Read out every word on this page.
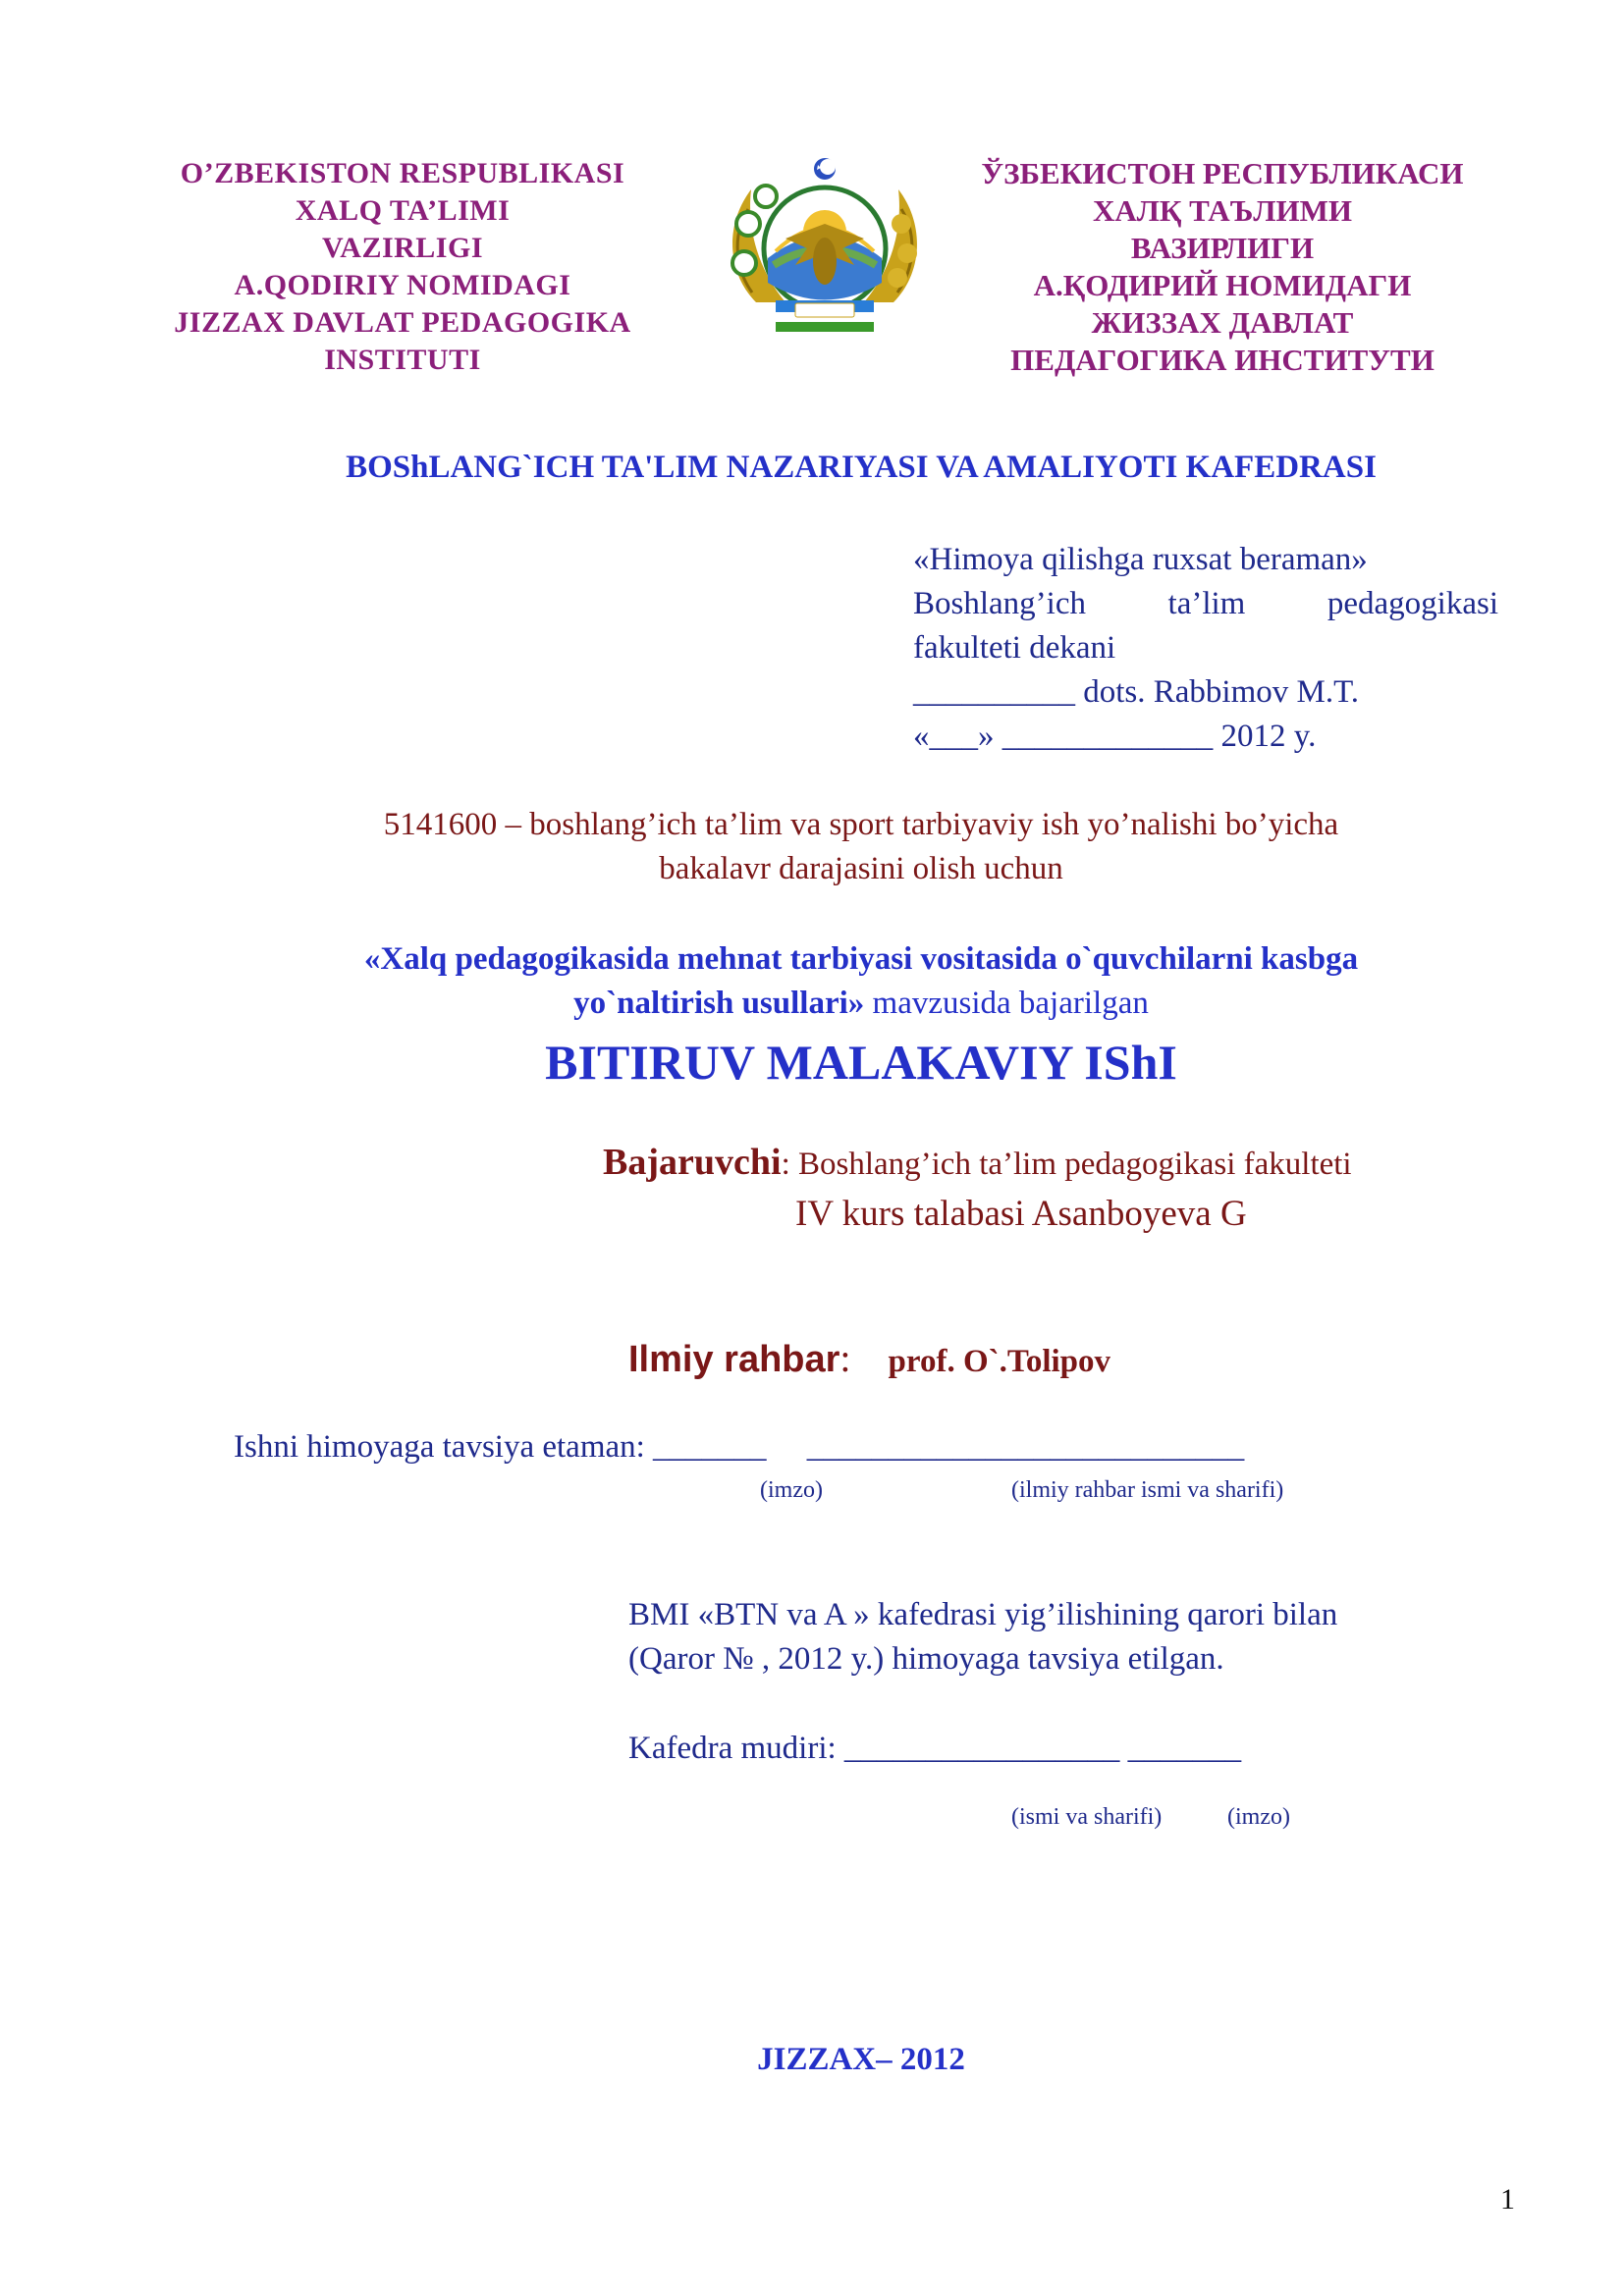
O’ZBEKISTON RESPUBLIKASI
XALQ TA’LIMI
VAZIRLIGI
A.QODIRIY NOMIDAGI
JIZZAX DAVLAT PEDAGOGIKA
INSTITUTI
ЎЗБЕКИСТОН РЕСПУБЛИКАСИ
ХАЛҚ ТАЪЛИМИ
ВАЗИРЛИГИ
А.ҚОДИРИЙ НОМИДАГИ
ЖИЗЗАХ ДАВЛАТ
ПЕДАГОГИКА ИНСТИТУТИ
BOShLANG`ICH TA'LIM NAZARIYASI VA AMALIYOTI KAFEDRASI
«Himoya qilishga ruxsat beraman»
Boshlang’ich ta’lim pedagogikasi
fakulteti dekani
__________ dots. Rabbimov M.T.
«___» _____________ 2012 y.
5141600 – boshlang’ich ta’lim va sport tarbiyaviy ish yo’nalishi bo’yicha
bakalavr darajasini olish uchun
«Xalq pedagogikasida mehnat tarbiyasi vositasida o`quvchilarni kasbga
yo`naltirish usullari» mavzusida bajarilgan
BITIRUV MALAKAVIY IShI
Bajaruvchi: Boshlang’ich ta’lim pedagogikasi fakulteti
IV kurs talabasi Asanboyeva G
Ilmiy rahbar: prof. O`.Tolipov
Ishni himoyaga tavsiya etaman: _______     ___________________________
(imzo)	(ilmiy rahbar ismi va sharifi)
BMI «BTN va A » kafedrasi yig’ilishining qarori bilan
(Qaror № , 2012 y.) himoyaga tavsiya etilgan.
Kafedra mudiri: _________________ _______
(ismi va sharifi)	(imzo)
JIZZAX– 2012
1
